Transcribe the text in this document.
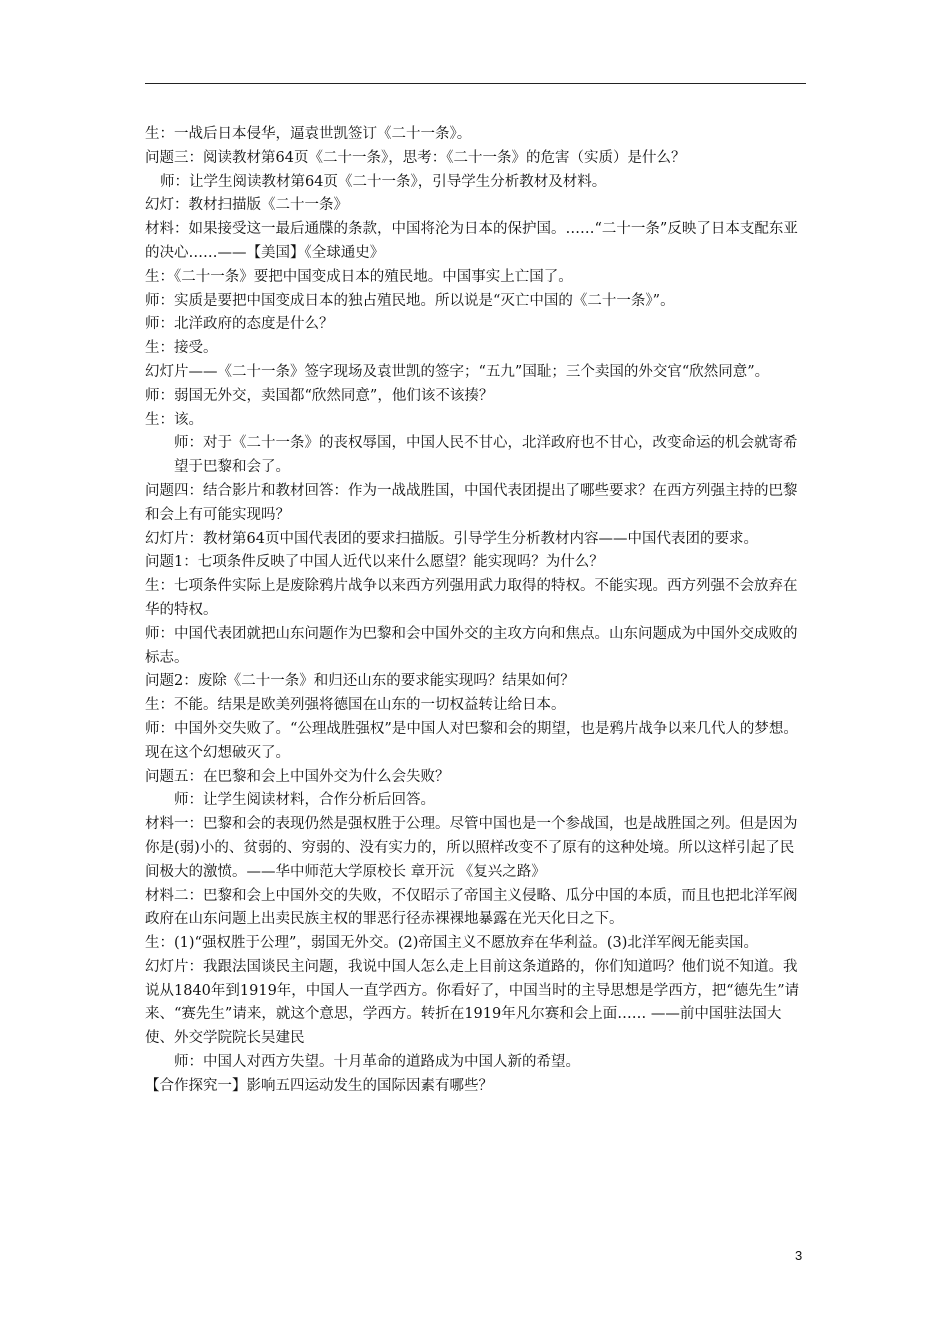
生：一战后日本侵华，逼袁世凯签订《二十一条》。

问题三：阅读教材第64页《二十一条》，思考：《二十一条》的危害（实质）是什么？

师：让学生阅读教材第64页《二十一条》，引导学生分析教材及材料。

幻灯：教材扫描版《二十一条》

材料：如果接受这一最后通牒的条款，中国将沦为日本的保护国。……“二十一条”反映了日本支配东亚的决心……——【美国】《全球通史》

生：《二十一条》要把中国变成日本的殖民地。中国事实上亡国了。

师：实质是要把中国变成日本的独占殖民地。所以说是“灭亡中国的《二十一条》”。

师：北洋政府的态度是什么？

生：接受。

幻灯片——《二十一条》签字现场及袁世凯的签字；“五九”国耻；三个卖国的外交官“欣然同意”。

师：弱国无外交，卖国都“欣然同意”，他们该不该揍？

生：该。

师：对于《二十一条》的丧权辱国，中国人民不甘心，北洋政府也不甘心，改变命运的机会就寄希望于巴黎和会了。

问题四：结合影片和教材回答：作为一战战胜国，中国代表团提出了哪些要求？在西方列强主持的巴黎和会上有可能实现吗？

幻灯片：教材第64页中国代表团的要求扫描版。引导学生分析教材内容——中国代表团的要求。

问题1：七项条件反映了中国人近代以来什么愿望？能实现吗？为什么？

生：七项条件实际上是废除鸦片战争以来西方列强用武力取得的特权。不能实现。西方列强不会放弃在华的特权。

师：中国代表团就把山东问题作为巴黎和会中国外交的主攻方向和焦点。山东问题成为中国外交成败的标志。

问题2：废除《二十一条》和归还山东的要求能实现吗？结果如何？

生：不能。结果是欧美列强将德国在山东的一切权益转让给日本。

师：中国外交失败了。“公理战胜强权”是中国人对巴黎和会的期望，也是鸦片战争以来几代人的梦想。现在这个幻想破灭了。

问题五：在巴黎和会上中国外交为什么会失败？

师：让学生阅读材料，合作分析后回答。

材料一：巴黎和会的表现仍然是强权胜于公理。尽管中国也是一个参战国，也是战胜国之列。但是因为你是(弱)小的、贫弱的、穷弱的、没有实力的，所以照样改变不了原有的这种处境。所以这样引起了民间极大的激愤。——华中师范大学原校长 章开沅 《复兴之路》

材料二：巴黎和会上中国外交的失败，不仅昭示了帝国主义侵略、瓜分中国的本质，而且也把北洋军阀政府在山东问题上出卖民族主权的罪恶行径赤裸裸地暴露在光天化日之下。

生：(1)“强权胜于公理”，弱国无外交。(2)帝国主义不愿放弃在华利益。(3)北洋军阀无能卖国。

幻灯片：我跟法国谈民主问题，我说中国人怎么走上目前这条道路的，你们知道吗？他们说不知道。我说从1840年到1919年，中国人一直学西方。你看好了，中国当时的主导思想是学西方，把“德先生”请来、“赛先生”请来，就这个意思，学西方。转折在1919年凡尔赛和会上面…… ——前中国驻法国大使、外交学院院长吴建民

师：中国人对西方失望。十月革命的道路成为中国人新的希望。

【合作探究一】影响五四运动发生的国际因素有哪些？

3
